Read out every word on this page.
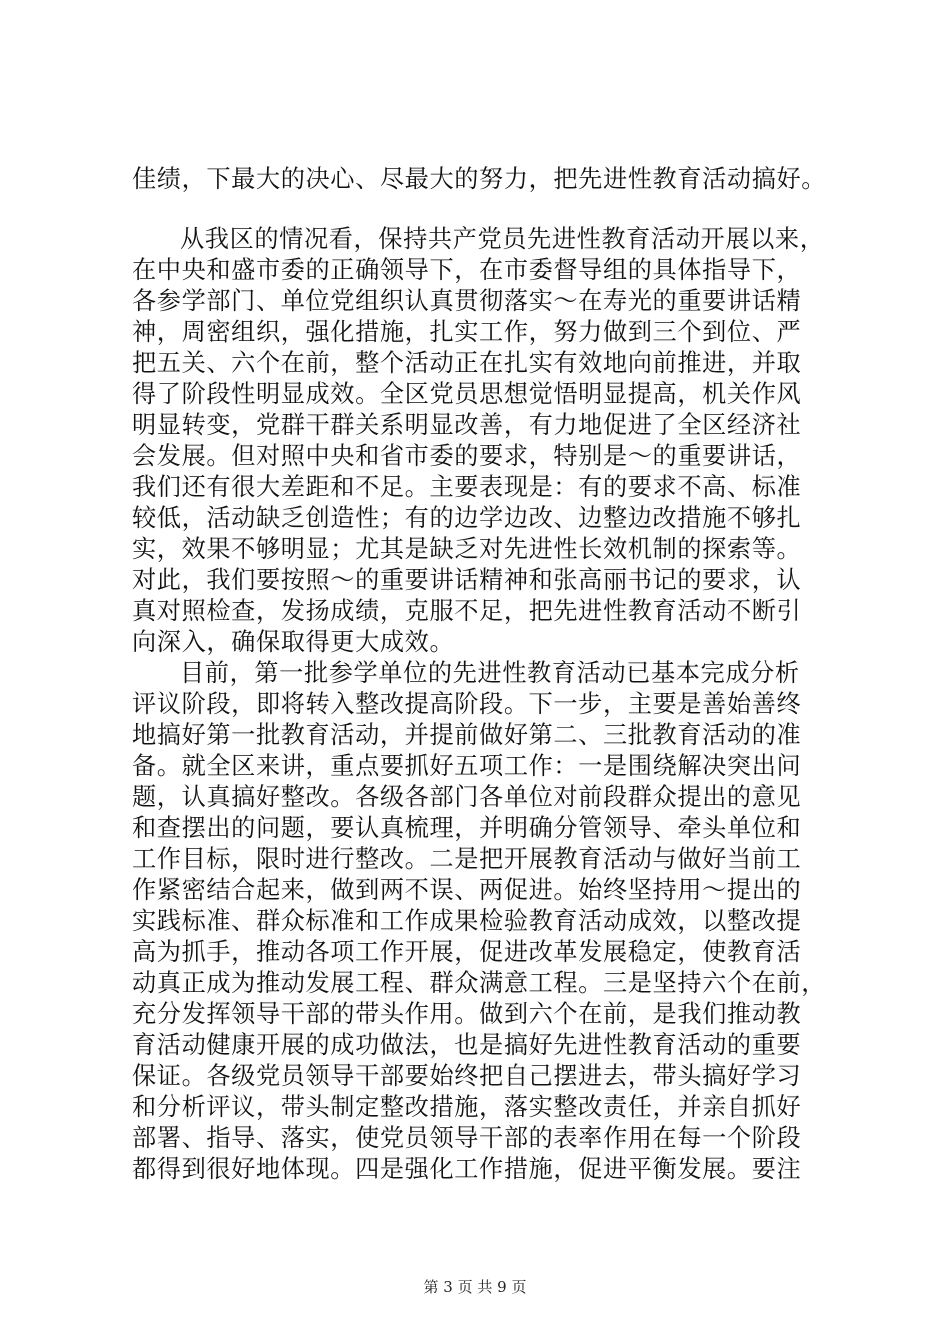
佳绩，下最大的决心、尽最大的努力，把先进性教育活动搞好。
从我区的情况看，保持共产党员先进性教育活动开展以来，
在中央和盛市委的正确领导下，在市委督导组的具体指导下，
各参学部门、单位党组织认真贯彻落实～在寿光的重要讲话精
神，周密组织，强化措施，扎实工作，努力做到三个到位、严
把五关、六个在前，整个活动正在扎实有效地向前推进，并取
得了阶段性明显成效。全区党员思想觉悟明显提高，机关作风
明显转变，党群干群关系明显改善，有力地促进了全区经济社
会发展。但对照中央和省市委的要求，特别是～的重要讲话，
我们还有很大差距和不足。主要表现是：有的要求不高、标准
较低，活动缺乏创造性；有的边学边改、边整边改措施不够扎
实，效果不够明显；尤其是缺乏对先进性长效机制的探索等。
对此，我们要按照～的重要讲话精神和张高丽书记的要求，认
真对照检查，发扬成绩，克服不足，把先进性教育活动不断引
向深入，确保取得更大成效。
目前，第一批参学单位的先进性教育活动已基本完成分析
评议阶段，即将转入整改提高阶段。下一步，主要是善始善终
地搞好第一批教育活动，并提前做好第二、三批教育活动的准
备。就全区来讲，重点要抓好五项工作：一是围绕解决突出问
题，认真搞好整改。各级各部门各单位对前段群众提出的意见
和查摆出的问题，要认真梳理，并明确分管领导、牵头单位和
工作目标，限时进行整改。二是把开展教育活动与做好当前工
作紧密结合起来，做到两不误、两促进。始终坚持用～提出的
实践标准、群众标准和工作成果检验教育活动成效，以整改提
高为抓手，推动各项工作开展，促进改革发展稳定，使教育活
动真正成为推动发展工程、群众满意工程。三是坚持六个在前，
充分发挥领导干部的带头作用。做到六个在前，是我们推动教
育活动健康开展的成功做法，也是搞好先进性教育活动的重要
保证。各级党员领导干部要始终把自己摆进去，带头搞好学习
和分析评议，带头制定整改措施，落实整改责任，并亲自抓好
部署、指导、落实，使党员领导干部的表率作用在每一个阶段
都得到很好地体现。四是强化工作措施，促进平衡发展。要注
第 3 页 共 9 页
